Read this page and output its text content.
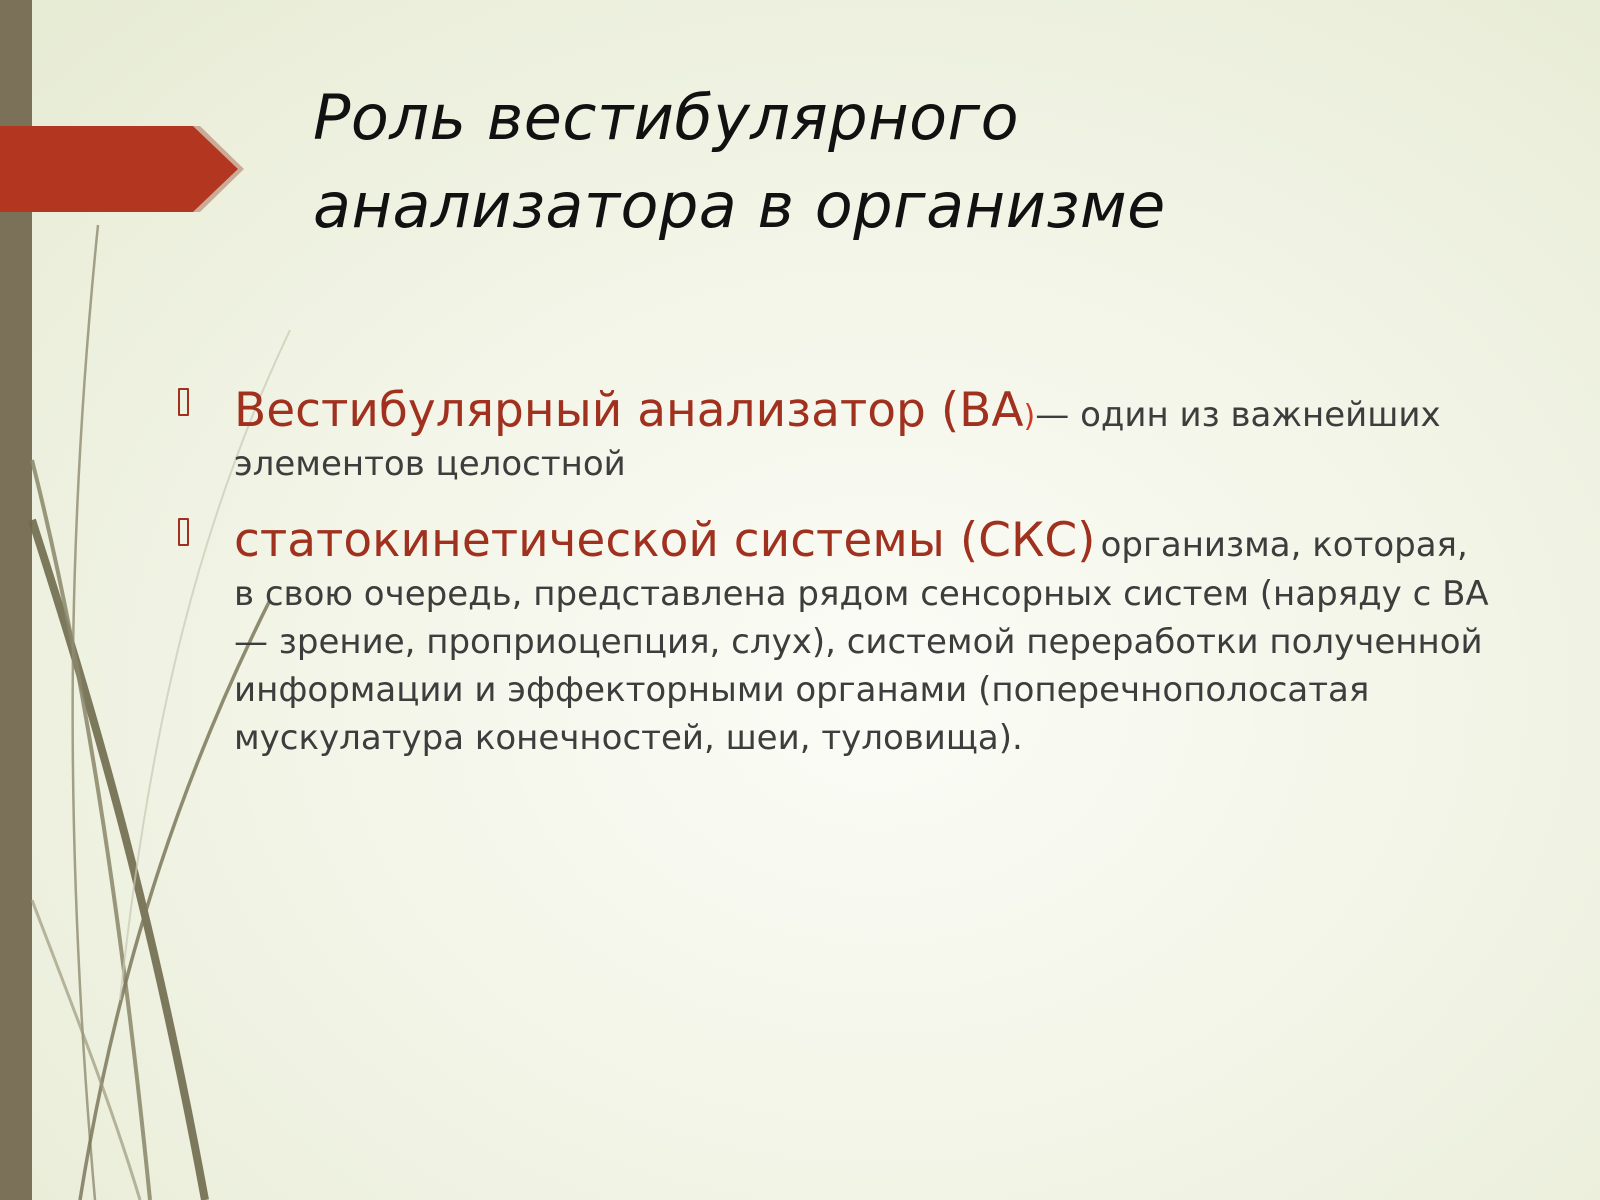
Роль вестибулярного
анализатора в организме

Вестибулярный анализатор (ВА)— один из важнейших элементов целостной

статокинетической системы (СКС) организма, которая, в свою очередь, представлена рядом сенсорных систем (наряду с ВА— зрение, проприоцепция, слух), системой переработки полученной информации и эффекторными органами (поперечнополосатая мускулатура конечностей, шеи, туловища).
